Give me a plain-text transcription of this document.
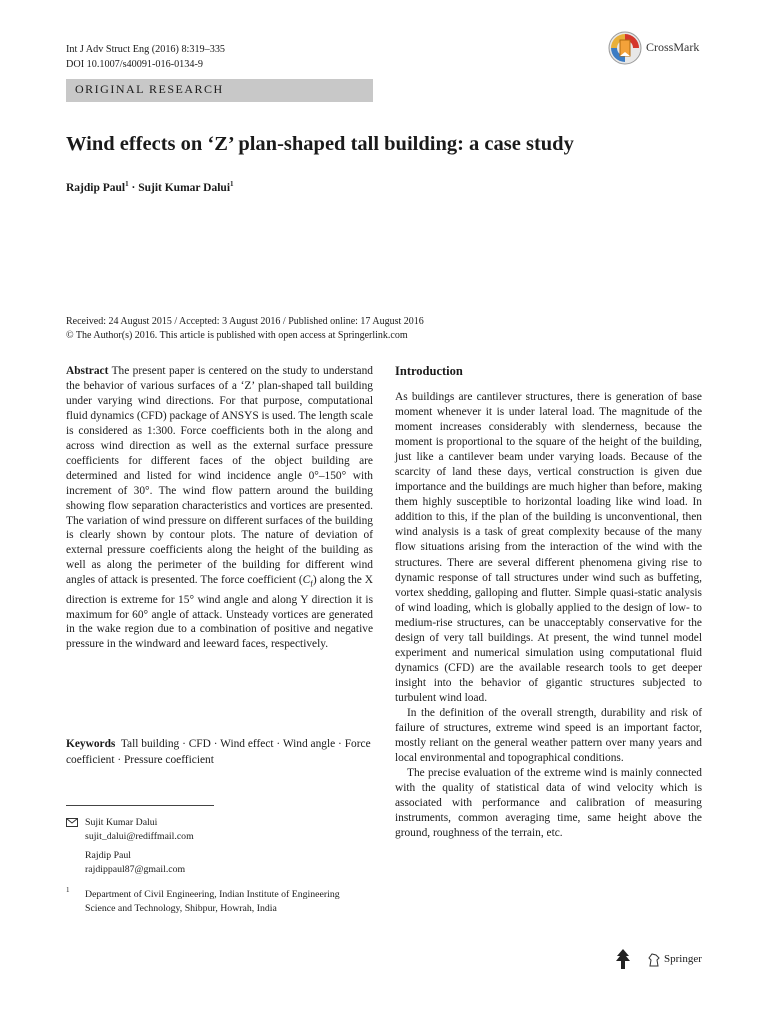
Int J Adv Struct Eng (2016) 8:319–335
DOI 10.1007/s40091-016-0134-9
CrossMark
ORIGINAL RESEARCH
Wind effects on ‘Z’ plan-shaped tall building: a case study
Rajdip Paul$^1$ · Sujit Kumar Dalui$^1$
Received: 24 August 2015 / Accepted: 3 August 2016 / Published online: 17 August 2016
© The Author(s) 2016. This article is published with open access at Springerlink.com
Abstract The present paper is centered on the study to understand the behavior of various surfaces of a ‘Z’ plan-shaped tall building under varying wind directions. For that purpose, computational fluid dynamics (CFD) package of ANSYS is used. The length scale is considered as 1:300. Force coefficients both in the along and across wind direction as well as the external surface pressure coefficients for different faces of the object building are determined and listed for wind incidence angle 0°–150° with increment of 30°. The wind flow pattern around the building showing flow separation characteristics and vortices are presented. The variation of wind pressure on different surfaces of the building is clearly shown by contour plots. The nature of deviation of external pressure coefficients along the height of the building as well as along the perimeter of the building for different wind angles of attack is presented. The force coefficient $(C_f)$ along the X direction is extreme for 15° wind angle and along Y direction it is maximum for 60° angle of attack. Unsteady vortices are generated in the wake region due to a combination of positive and negative pressure in the windward and leeward faces, respectively.
Keywords Tall building · CFD · Wind effect · Wind angle · Force coefficient · Pressure coefficient
Sujit Kumar Dalui
sujit_dalui@rediffmail.com
Rajdip Paul
rajdippaul87@gmail.com
1 Department of Civil Engineering, Indian Institute of Engineering Science and Technology, Shibpur, Howrah, India
Introduction

As buildings are cantilever structures, there is generation of base moment whenever it is under lateral load. The magnitude of the moment increases considerably with slenderness, because the moment is proportional to the square of the height of the building, just like a cantilever beam under varying loads. Because of the scarcity of land these days, vertical construction is given due importance and the buildings are much higher than before, making them highly susceptible to horizontal loading like wind load. In addition to this, if the plan of the building is unconventional, then wind analysis is a task of great complexity because of the many flow situations arising from the interaction of the wind with the structures. There are several different phenomena giving rise to dynamic response of tall structures under wind such as buffeting, vortex shedding, galloping and flutter. Simple quasi-static analysis of wind loading, which is globally applied to the design of low- to medium-rise structures, can be unacceptably conservative for the design of very tall buildings. At present, the wind tunnel model experiment and numerical simulation using computational fluid dynamics (CFD) are the available research tools to get deeper insight into the behavior of gigantic structures subjected to turbulent wind load.

In the definition of the overall strength, durability and risk of failure of structures, extreme wind speed is an important factor, mostly reliant on the general weather pattern over many years and local environmental and topographical conditions.

The precise evaluation of the extreme wind is mainly connected with the quality of statistical data of wind velocity which is associated with performance and calibration of measuring instruments, common averaging time, same height above the ground, roughness of the terrain, etc.

Springer
